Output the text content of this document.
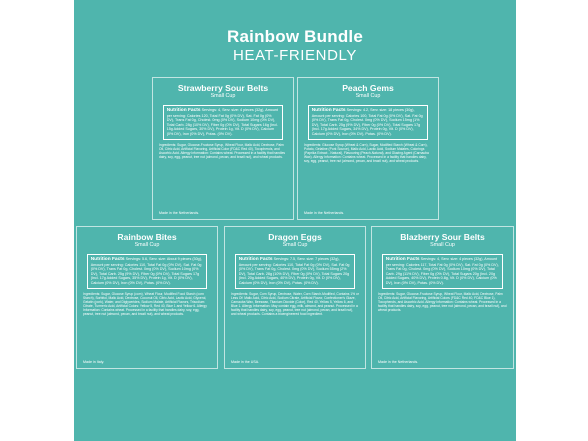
Rainbow Bundle
HEAT-FRIENDLY
Strawberry Sour Belts
Small Cup
Nutrition Facts Servings: 4, Serv. size: 4 pieces (32g), Amount per serving: Calories 120, Total Fat 0g (0% DV), Sat. Fat 0g (0% DV), Trans Fat 0g, Cholest. 0mg (0% DV), Sodium 10mg (0% DV), Total Carb. 28g (10% DV), Fiber 0g (0% DV), Total Sugars 16g (Incl. 15g Added Sugars, 30% DV), Protein 1g, Vit. D (0% DV), Calcium (0% DV), Iron (0% DV), Potas. (0% DV).
Ingredients: Sugar, Glucose-Fructose Syrup, Wheat Flour, Malic Acid, Dextrose, Palm Oil, Citric Acid, Artificial Flavoring, Artificial Color (FD&C Red 40), Tocopherols, and Ascorbic Acid. Allergy Information: Contains wheat. Processed in a facility that handles dairy, soy, egg, peanut, tree nut (almond, pecan, and brazil nut), and wheat products.
Made in the Netherlands.
Peach Gems
Small Cup
Nutrition Facts Servings: 4.2, Serv. size: 18 pieces (30g), Amount per serving: Calories 100, Total Fat 0g (0% DV), Sat. Fat 0g (0% DV), Trans Fat 0g, Cholest. 0mg (0% DV), Sodium 15mg (1% DV), Total Carb. 25g (9% DV), Fiber 0g (0% DV), Total Sugars 17g (Incl. 17g Added Sugars, 34% DV), Protein 0g, Vit. D (0% DV), Calcium (0% DV), Iron (0% DV), Potas. (0% DV).
Ingredients: Glucose Syrup (Wheat & Corn), Sugar, Modified Starch (Wheat & Corn), Potato, Gelatine (Pork Source), Malic Acid, Lactic Acid, Sodium Malates, Colorings (Paprika Extract - Natural), Flavouring (Peach-Natural), and Glazing Agent (Carnauba Wax). Allergy Information: Contains wheat. Processed in a facility that handles dairy, soy, egg, peanut, tree nut (almond, pecan, and brazil nut), and wheat products.
Made in the Netherlands.
Rainbow Bites
Small Cup
Nutrition Facts Servings: 5.6, Serv. size: About 9 pieces (30g), Amount per serving: Calories 110, Total Fat 0g (0% DV), Sat. Fat 0g (0% DV), Trans Fat 0g, Cholest. 0mg (0% DV), Sodium 10mg (0% DV), Total Carb. 25g (9% DV), Fiber 0g (0% DV), Total Sugars 17g (Incl. 17g Added Sugars, 35% DV), Protein 1g, Vit. D (0% DV), Calcium (0% DV), Iron (0% DV), Potas. (0% DV).
Ingredients: Sugar, Glucose Syrup (corn), Wheat Flour, Modified Food Starch (corn Starch), Sorbitol, Malic Acid, Dextrose, Coconut Oil, Citric Acid, Lactic Acid, Glycerol, Gelatin (pork), Water, and Diglycerides, Sodium Malate, Artificial Flavors, Trisodium Citrate, Turmeric Acid, Artificial Colors: Yellow 5, Red 40, Blue 1 and Yellow 6. Allergy Information: Contains wheat. Processed in a facility that handles dairy, soy, egg, peanut, tree nut (almond, pecan, and brazil nut), and wheat products.
Made in Italy.
Dragon Eggs
Small Cup
Nutrition Facts Servings: 7.5, Serv. size: 7 pieces (32g), Amount per serving: Calories 110, Total Fat 0g (0% DV), Sat. Fat 0g (0% DV), Trans Fat 0g, Cholest. 0mg (0% DV), Sodium 55mg (2% DV), Total Carb. 28g (10% DV), Fiber 0g (0% DV), Total Sugars 20g (Incl. 20g Added Sugars, 40% DV), Protein 0g, Vit. D (0% DV), Calcium (0% DV), Iron (0% DV), Potas. (0% DV).
Ingredients: Sugar, Corn Syrup, Dextrose, Water, Corn Starch-Modified, Contains 1% or Less Of: Malic Acid, Citric Acid, Sodium Citrate, Artificial Flavor, Confectioner's Glaze, Carnauba Wax, Beeswax, Titanium Dioxide (Color), Red 40, Yellow 5, Yellow 6, and Blue 1. Allergy Information: May contain egg, milk, almond, and peanut. Processed in a facility that handles dairy, soy, egg, peanut, tree nut (almond, pecan, and brazil nut), and wheat products. Contains a bioengineered food ingredient.
Made in the USA.
Blazberry Sour Belts
Small Cup
Nutrition Facts Servings: 4, Serv. size: 4 pieces (32g), Amount per serving: Calories 117, Total Fat 0g (0% DV), Sat. Fat 0g (0% DV), Trans Fat 0g, Cholest. 0mg (0% DV), Sodium 10mg (0% DV), Total Carb. 29g (11% DV), Fiber 0g (0% DV), Total Sugars 20g (Incl. 20g Added Sugars, 40% DV), Protein 0.8g, Vit. D (0% DV), Calcium (0% DV), Iron (0% DV), Potas. (0% DV).
Ingredients: Sugar, Glucose-Fructose Syrup, Wheat Flour, Malic Acid, Dextrose, Palm Oil, Citric Acid, Artificial Flavoring, Artificial Colors (FD&C Red 40, FD&C Blue 1), Tocopherols, and Ascorbic Acid. Allergy Information: Contains wheat. Processed in a facility that handles dairy, soy, egg, peanut, tree nut (almond, pecan, and brazil nut), and wheat products.
Made in the Netherlands.
